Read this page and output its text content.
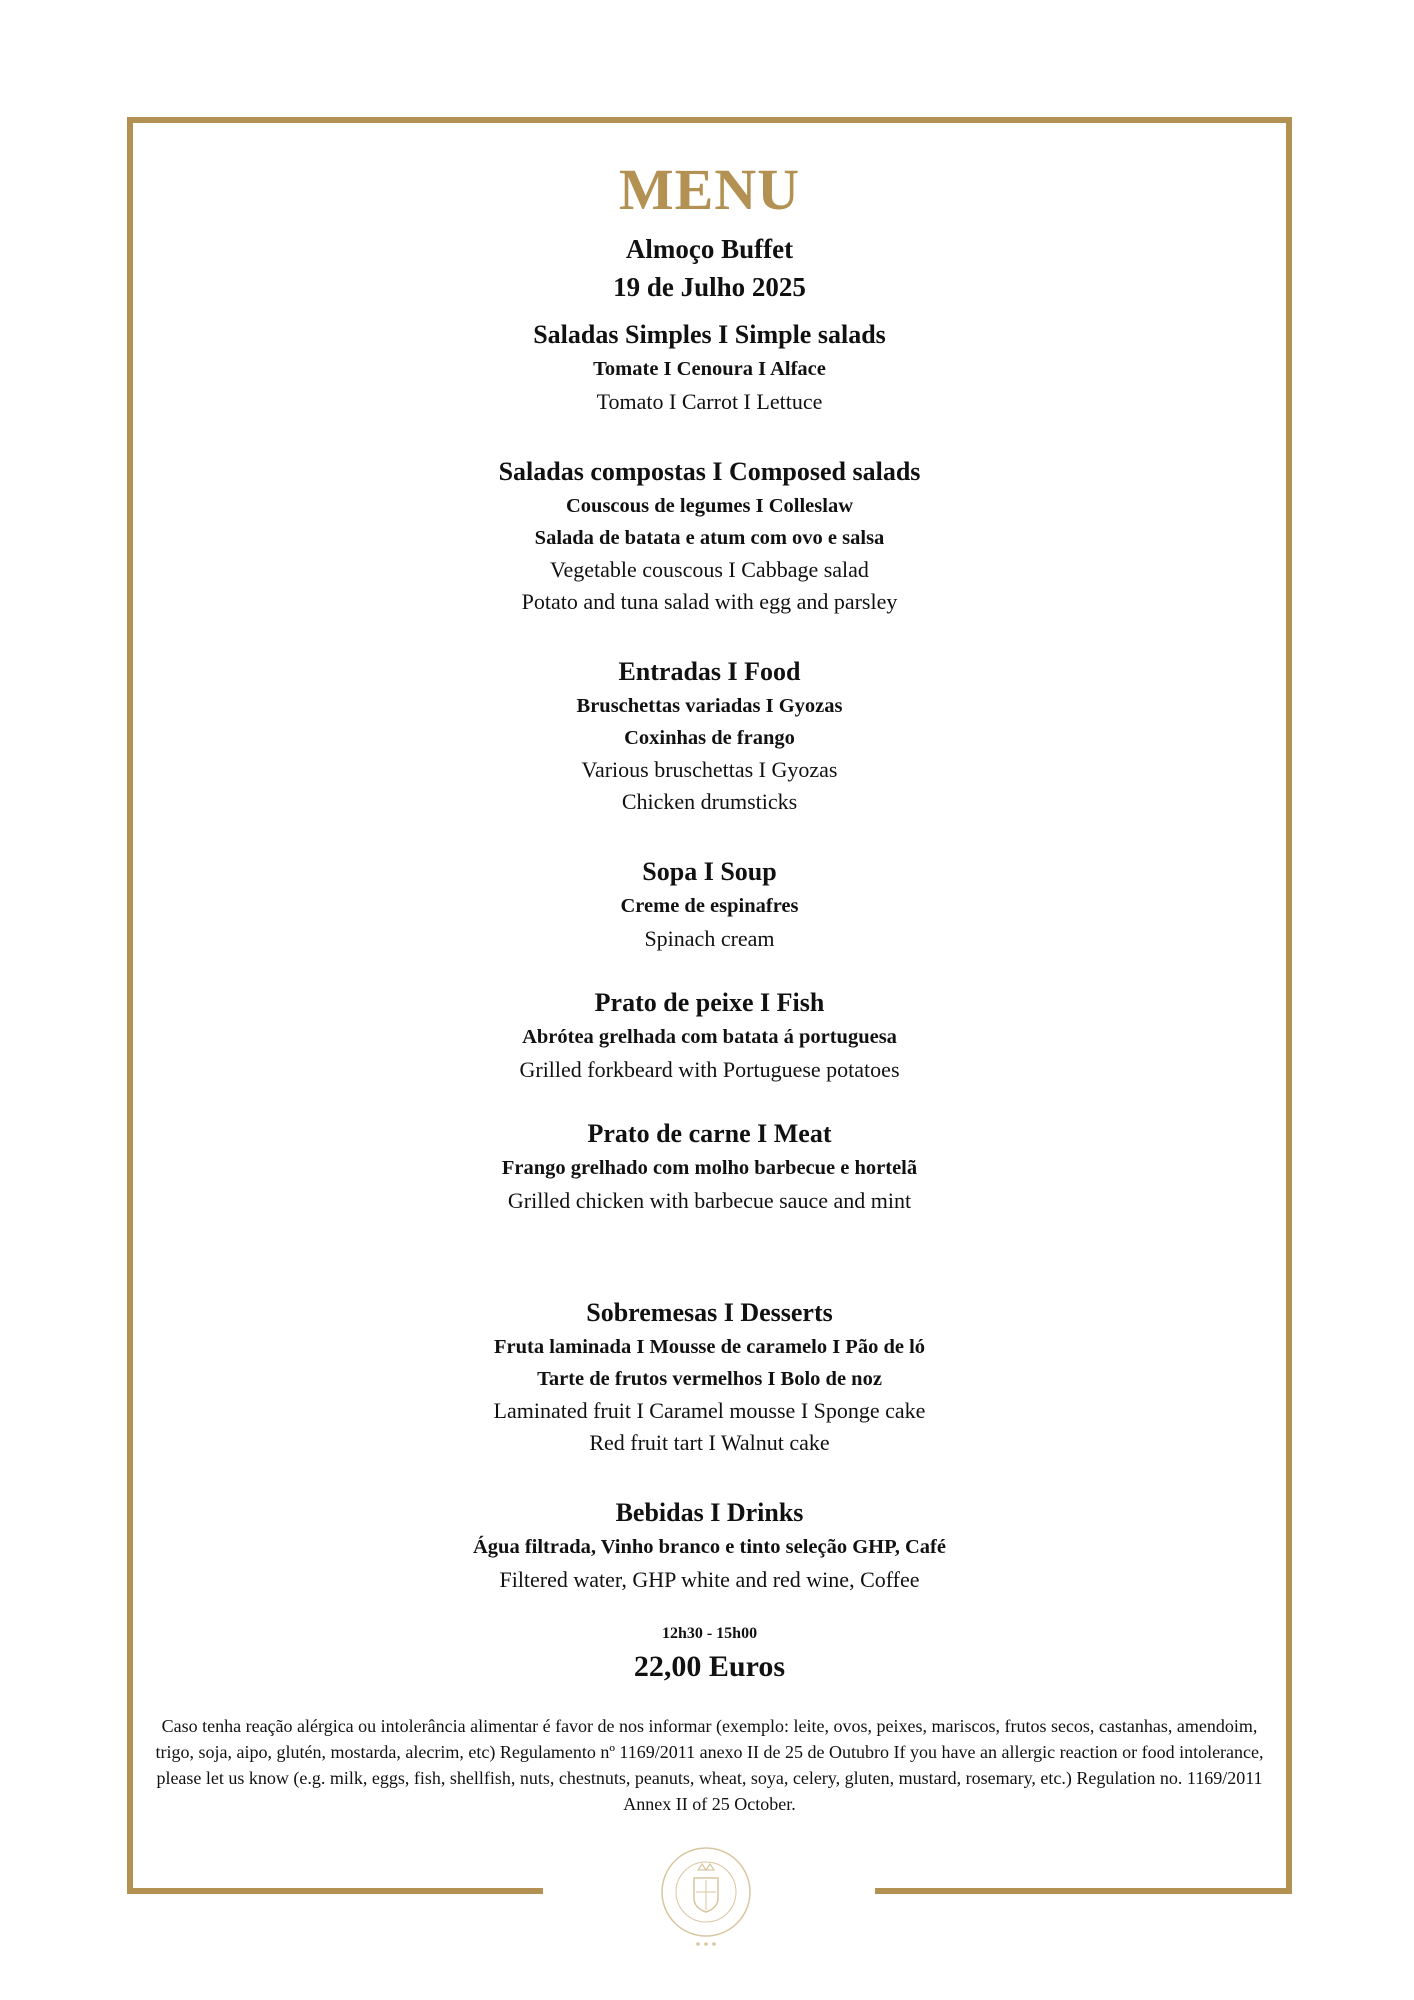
MENU
Almoço Buffet
19 de Julho 2025
Saladas Simples I Simple salads
Tomate I Cenoura I Alface
Tomato I Carrot I Lettuce
Saladas compostas I Composed salads
Couscous de legumes I Colleslaw
Salada de batata e atum com ovo e salsa
Vegetable couscous I Cabbage salad
Potato and tuna salad with egg and parsley
Entradas I Food
Bruschettas variadas I Gyozas
Coxinhas de frango
Various bruschettas I Gyozas
Chicken drumsticks
Sopa I Soup
Creme de espinafres
Spinach cream
Prato de peixe I Fish
Abrótea grelhada com batata á portuguesa
Grilled forkbeard with Portuguese potatoes
Prato de carne I Meat
Frango grelhado com molho barbecue e hortelã
Grilled chicken with barbecue sauce and mint
Sobremesas I Desserts
Fruta laminada I Mousse de caramelo I Pão de ló
Tarte de frutos vermelhos I Bolo de noz
Laminated fruit I Caramel mousse I Sponge cake
Red fruit tart I Walnut cake
Bebidas I Drinks
Água filtrada, Vinho branco e tinto seleção GHP, Café
Filtered water, GHP white and red wine, Coffee
12h30 - 15h00
22,00 Euros
Caso tenha reação alérgica ou intolerância alimentar é favor de nos informar (exemplo: leite, ovos, peixes, mariscos, frutos secos, castanhas, amendoim, trigo, soja, aipo, glutén, mostarda, alecrim, etc) Regulamento nº 1169/2011 anexo II de 25 de Outubro If you have an allergic reaction or food intolerance, please let us know (e.g. milk, eggs, fish, shellfish, nuts, chestnuts, peanuts, wheat, soya, celery, gluten, mustard, rosemary, etc.) Regulation no. 1169/2011 Annex II of 25 October.
